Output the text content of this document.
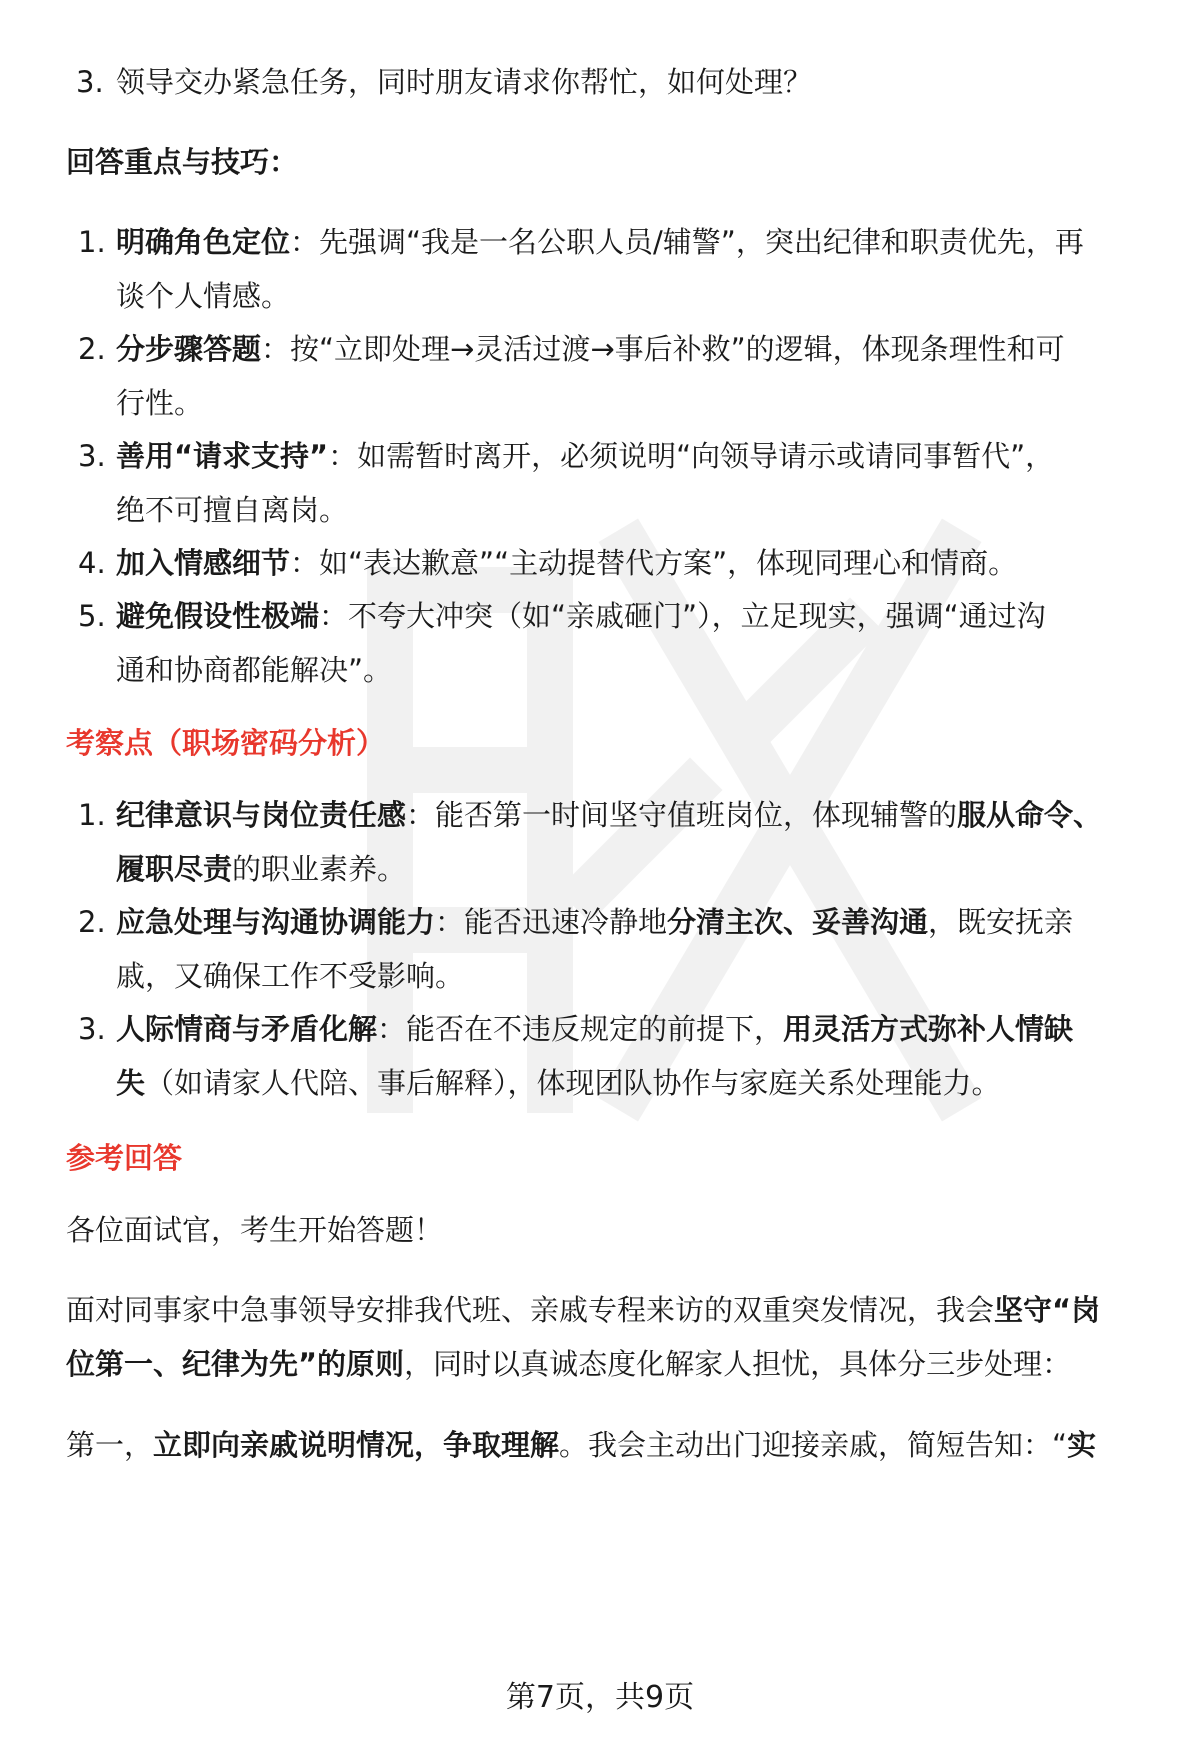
3. 领导交办紧急任务，同时朋友请求你帮忙，如何处理？
回答重点与技巧：
1. 明确角色定位：先强调“我是一名公职人员/辅警”，突出纪律和职责优先，再
谈个人情感。
2. 分步骤答题：按“立即处理→灵活过渡→事后补救”的逻辑，体现条理性和可
行性。
3. 善用“请求支持”：如需暂时离开，必须说明“向领导请示或请同事暂代”，
绝不可擅自离岗。
4. 加入情感细节：如“表达歉意”“主动提替代方案”，体现同理心和情商。
5. 避免假设性极端：不夸大冲突（如“亲戚砸门”），立足现实，强调“通过沟
通和协商都能解决”。
考察点（职场密码分析）
1. 纪律意识与岗位责任感：能否第一时间坚守值班岗位，体现辅警的服从命令、
履职尽责的职业素养。
2. 应急处理与沟通协调能力：能否迅速冷静地分清主次、妥善沟通，既安抚亲
戚，又确保工作不受影响。
3. 人际情商与矛盾化解：能否在不违反规定的前提下，用灵活方式弥补人情缺
失（如请家人代陪、事后解释），体现团队协作与家庭关系处理能力。
参考回答
各位面试官，考生开始答题！
面对同事家中急事领导安排我代班、亲戚专程来访的双重突发情况，我会坚守“岗
位第一、纪律为先”的原则，同时以真诚态度化解家人担忧，具体分三步处理：
第一，立即向亲戚说明情况，争取理解。我会主动出门迎接亲戚，简短告知：“实
第7页，共9页
